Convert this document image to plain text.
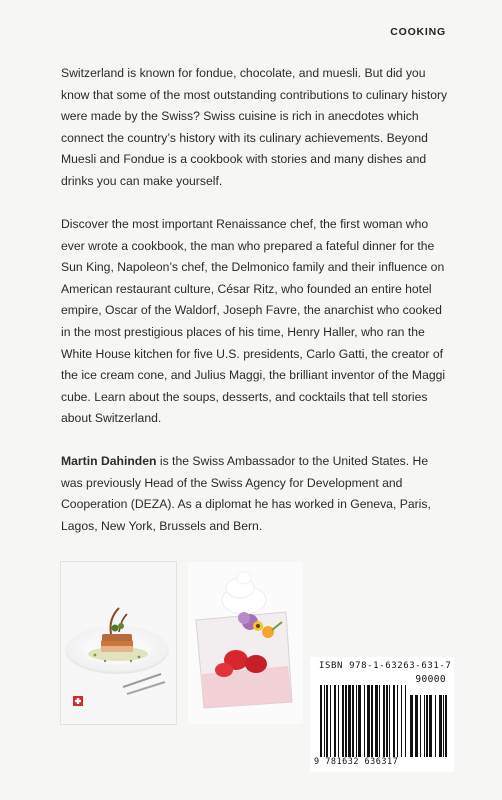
COOKING

Switzerland is known for fondue, chocolate, and muesli. But did you know that some of the most outstanding contributions to culinary history were made by the Swiss? Swiss cuisine is rich in anecdotes which connect the country’s history with its culinary achievements. Beyond Muesli and Fondue is a cookbook with stories and many dishes and drinks you can make yourself.

Discover the most important Renaissance chef, the first woman who ever wrote a cookbook, the man who prepared a fateful dinner for the Sun King, Napoleon’s chef, the Delmonico family and their influence on American restaurant culture, César Ritz, who founded an entire hotel empire, Oscar of the Waldorf, Joseph Favre, the anarchist who cooked in the most prestigious places of his time, Henry Haller, who ran the White House kitchen for five U.S. presidents, Carlo Gatti, the creator of the ice cream cone, and Julius Maggi, the brilliant inventor of the Maggi cube. Learn about the soups, desserts, and cocktails that tell stories about Switzerland.

Martin Dahinden is the Swiss Ambassador to the United States. He was previously Head of the Swiss Agency for Development and Cooperation (DEZA). As a diplomat he has worked in Geneva, Paris, Lagos, New York, Brussels and Bern.

ISBN 978-1-63263-631-7
90000
9 781632 636317
